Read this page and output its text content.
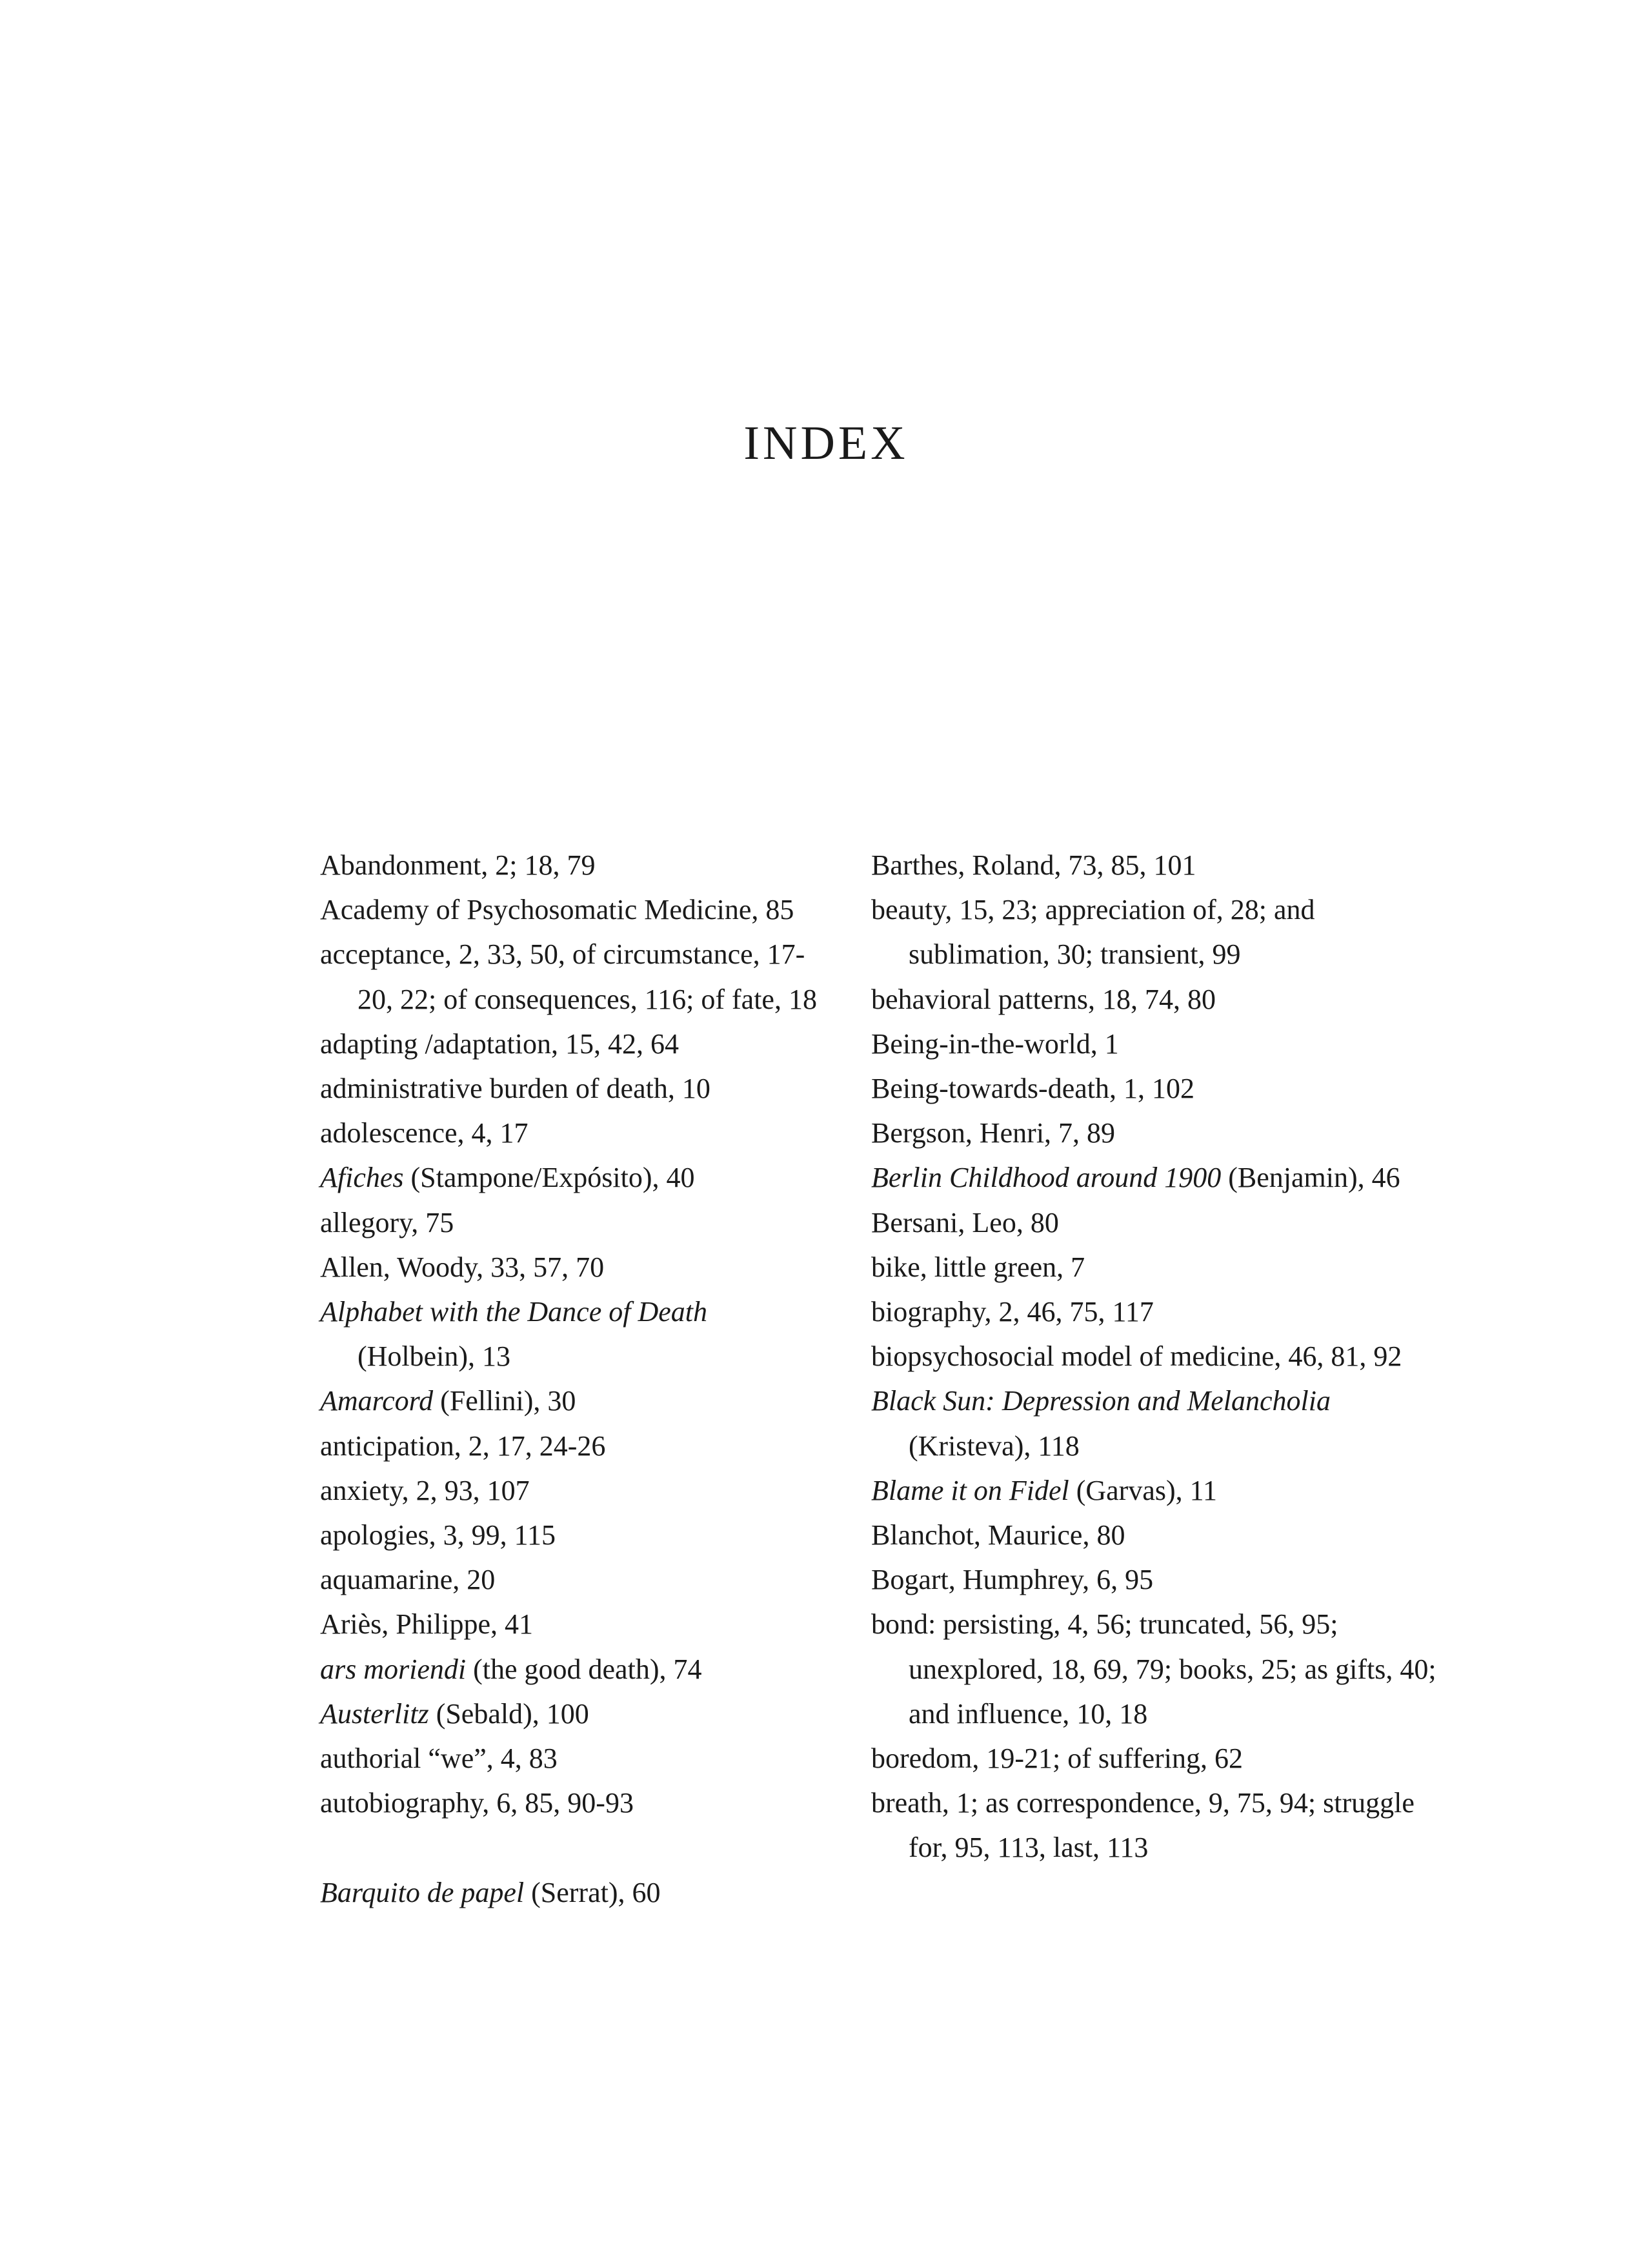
INDEX
Abandonment, 2; 18, 79
Academy of Psychosomatic Medicine, 85
acceptance, 2, 33, 50, of circumstance, 17-20, 22; of consequences, 116; of fate, 18
adapting /adaptation, 15, 42, 64
administrative burden of death, 10
adolescence, 4, 17
Afiches (Stampone/Expósito), 40
allegory, 75
Allen, Woody, 33, 57, 70
Alphabet with the Dance of Death (Holbein), 13
Amarcord (Fellini), 30
anticipation, 2, 17, 24-26
anxiety, 2, 93, 107
apologies, 3, 99, 115
aquamarine, 20
Ariès, Philippe, 41
ars moriendi (the good death), 74
Austerlitz (Sebald), 100
authorial “we”, 4, 83
autobiography, 6, 85, 90-93
Barquito de papel (Serrat), 60
Barthes, Roland, 73, 85, 101
beauty, 15, 23; appreciation of, 28; and sublimation, 30; transient, 99
behavioral patterns, 18, 74, 80
Being-in-the-world, 1
Being-towards-death, 1, 102
Bergson, Henri, 7, 89
Berlin Childhood around 1900 (Benjamin), 46
Bersani, Leo, 80
bike, little green, 7
biography, 2, 46, 75, 117
biopsychosocial model of medicine, 46, 81, 92
Black Sun: Depression and Melancholia (Kristeva), 118
Blame it on Fidel (Garvas), 11
Blanchot, Maurice, 80
Bogart, Humphrey, 6, 95
bond: persisting, 4, 56; truncated, 56, 95; unexplored, 18, 69, 79; books, 25; as gifts, 40; and influence, 10, 18
boredom, 19-21; of suffering, 62
breath, 1; as correspondence, 9, 75, 94; struggle for, 95, 113, last, 113
